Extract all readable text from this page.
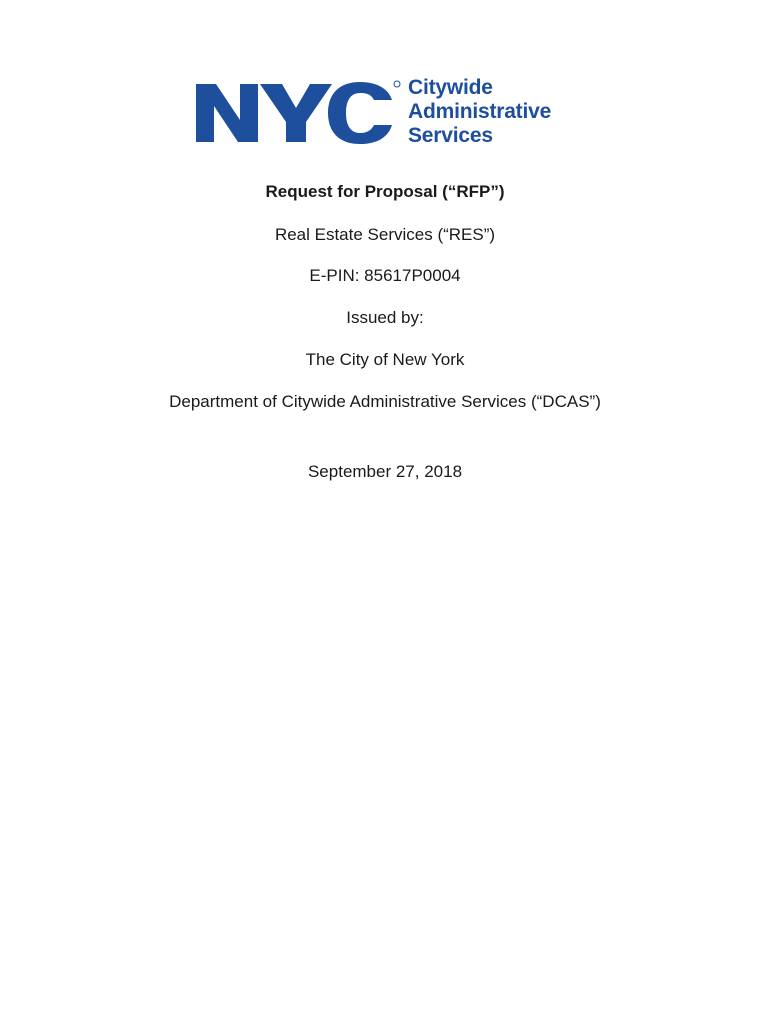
Citywide
Administrative
Services
Request for Proposal (“RFP”)
Real Estate Services (“RES”)
E-PIN: 85617P0004
Issued by:
The City of New York
Department of Citywide Administrative Services (“DCAS”)
September 27, 2018
